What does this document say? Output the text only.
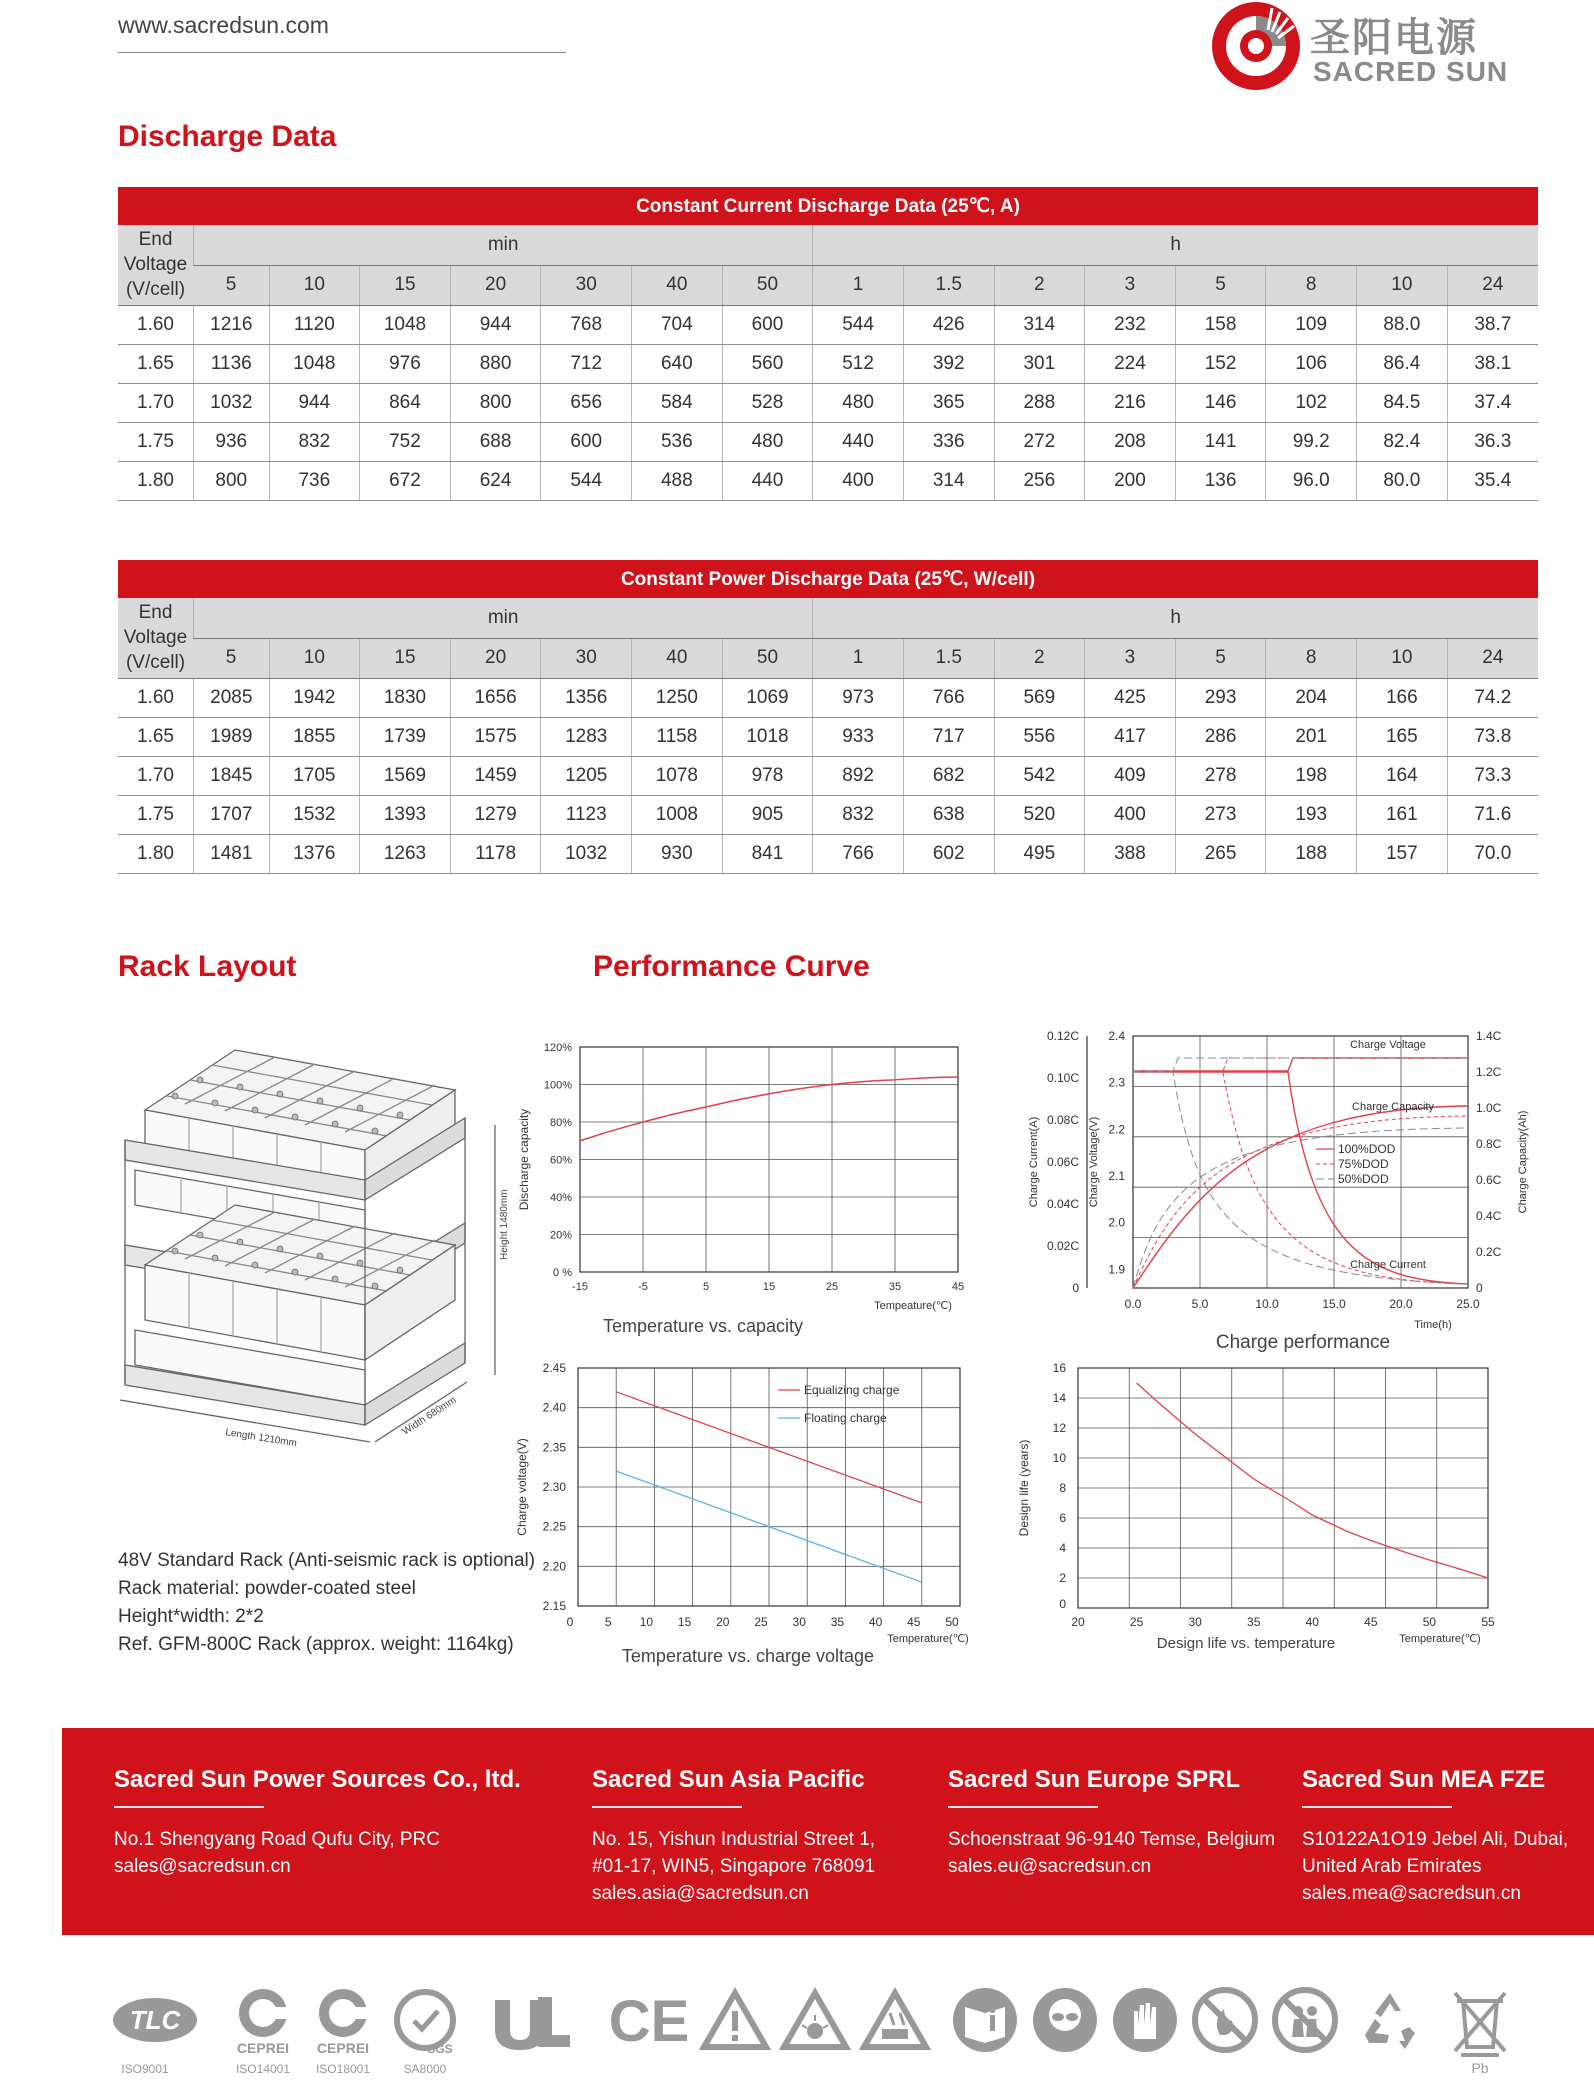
www.sacredsun.com	圣阳电源
SACRED SUN
Discharge Data
Constant Current Discharge Data (25℃, A)															

End
Voltage
(V/cell)	min							h							
	5	10	15	20	30	40	50	1	1.5	2	3	5	8	10	24
1.60	1216	1120	1048	944	768	704	600	544	426	314	232	158	109	88.0	38.7
1.65	1136	1048	976	880	712	640	560	512	392	301	224	152	106	86.4	38.1
1.70	1032	944	864	800	656	584	528	480	365	288	216	146	102	84.5	37.4
1.75	936	832	752	688	600	536	480	440	336	272	208	141	99.2	82.4	36.3
1.80	800	736	672	624	544	488	440	400	314	256	200	136	96.0	80.0	35.4
Constant Power Discharge Data (25℃, W/cell)															

End
Voltage
(V/cell)	min							h							
	5	10	15	20	30	40	50	1	1.5	2	3	5	8	10	24
1.60	2085	1942	1830	1656	1356	1250	1069	973	766	569	425	293	204	166	74.2
1.65	1989	1855	1739	1575	1283	1158	1018	933	717	556	417	286	201	165	73.8
1.70	1845	1705	1569	1459	1205	1078	978	892	682	542	409	278	198	164	73.3
1.75	1707	1532	1393	1279	1123	1008	905	832	638	520	400	273	193	161	71.6
1.80	1481	1376	1263	1178	1032	930	841	766	602	495	388	265	188	157	70.0
Rack Layout	Performance Curve
Length 1210mm
Width 680mm
Height 1480mm
48V Standard Rack (Anti-seismic rack is optional)
Rack material: powder-coated steel
Height*width: 2*2
Ref. GFM-800C Rack (approx. weight: 1164kg)
120%
100%
80%
60%
40%
20%
0 %
-15	-5	5	15	25	35	45
Discharge capacity
Tempeature(℃)
Temperature vs. capacity
0.12C
0.10C
0.08C
0.06C
0.04C
0.02C
0
2.4
2.3
2.2
2.1
2.0
1.9
1.4C
1.2C
1.0C
0.8C
0.6C
0.4C
0.2C
0
0.0	5.0	10.0	15.0	20.0	25.0
Charge Current(A)	Charge Voltage(V)	Charge Capacity(Ah)
Time(h)
Charge performance
Charge Voltage
Charge Capacity
Charge Current
100%DOD
75%DOD
50%DOD
2.45
2.40
2.35
2.30
2.25
2.20
2.15
0	5 10 15 20 25 30 35 40 45 50
Equalizing charge
Floating charge
Charge voltage(V)
Temperature(℃)
Temperature vs. charge voltage
16
14
12
10
8
6
4
2
0
20	25	30	35	40	45	50	55
Design life (years)
Temperature(℃)
Design life vs. temperature
Sacred Sun Power Sources Co., ltd.
No.1 Shengyang Road Qufu City, PRC
sales@sacredsun.cn
Sacred Sun Asia Pacific
No. 15, Yishun Industrial Street 1,
#01-17, WIN5, Singapore 768091
sales.asia@sacredsun.cn
Sacred Sun Europe SPRL
Schoenstraat 96-9140 Temse, Belgium
sales.eu@sacredsun.cn
Sacred Sun MEA FZE
S10122A1O19 Jebel Ali, Dubai,
United Arab Emirates
sales.mea@sacredsun.cn
TLC
ISO9001
CEPREI
ISO14001
CEPREI
ISO18001
SGS
SA8000
CE
Pb
